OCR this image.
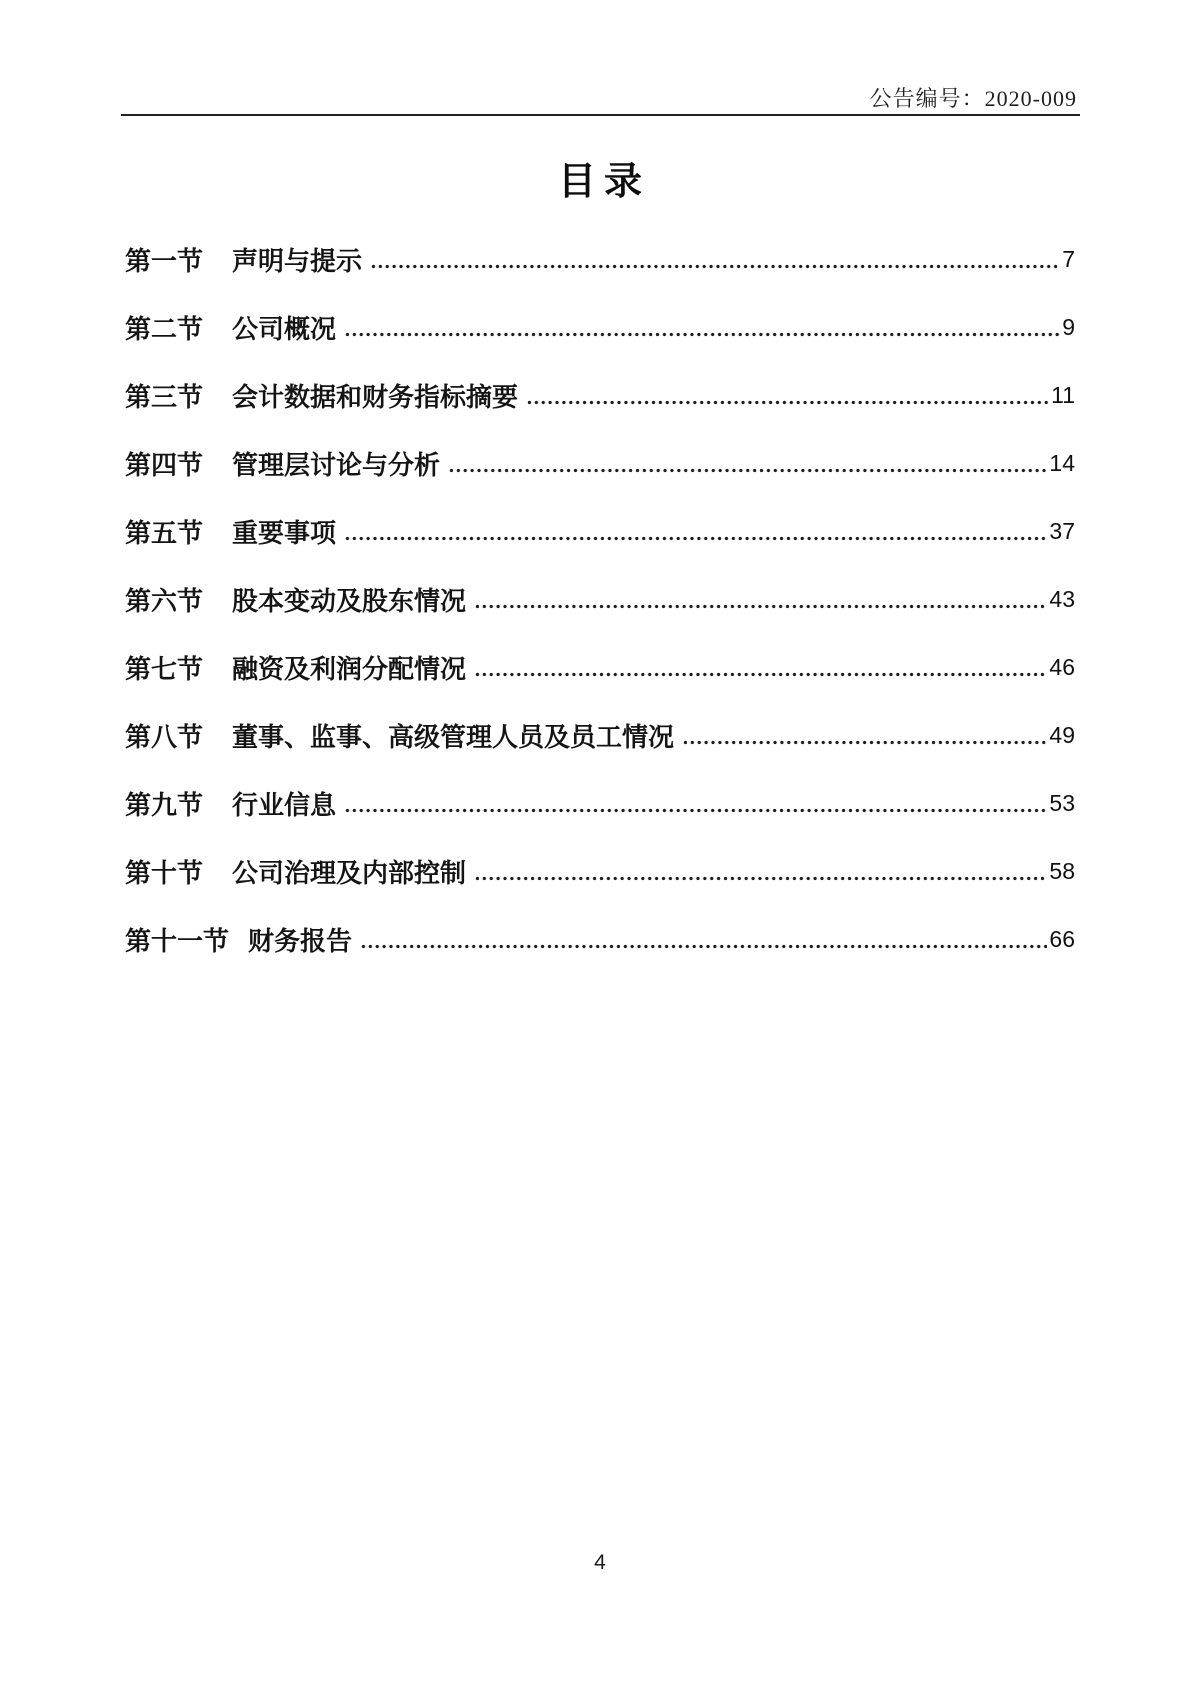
公告编号：2020-009
目录
第一节	声明与提示	7
第二节	公司概况	9
第三节	会计数据和财务指标摘要	11
第四节	管理层讨论与分析	14
第五节	重要事项	37
第六节	股本变动及股东情况	43
第七节	融资及利润分配情况	46
第八节	董事、监事、高级管理人员及员工情况	49
第九节	行业信息	53
第十节	公司治理及内部控制	58
第十一节 财务报告	66
4
